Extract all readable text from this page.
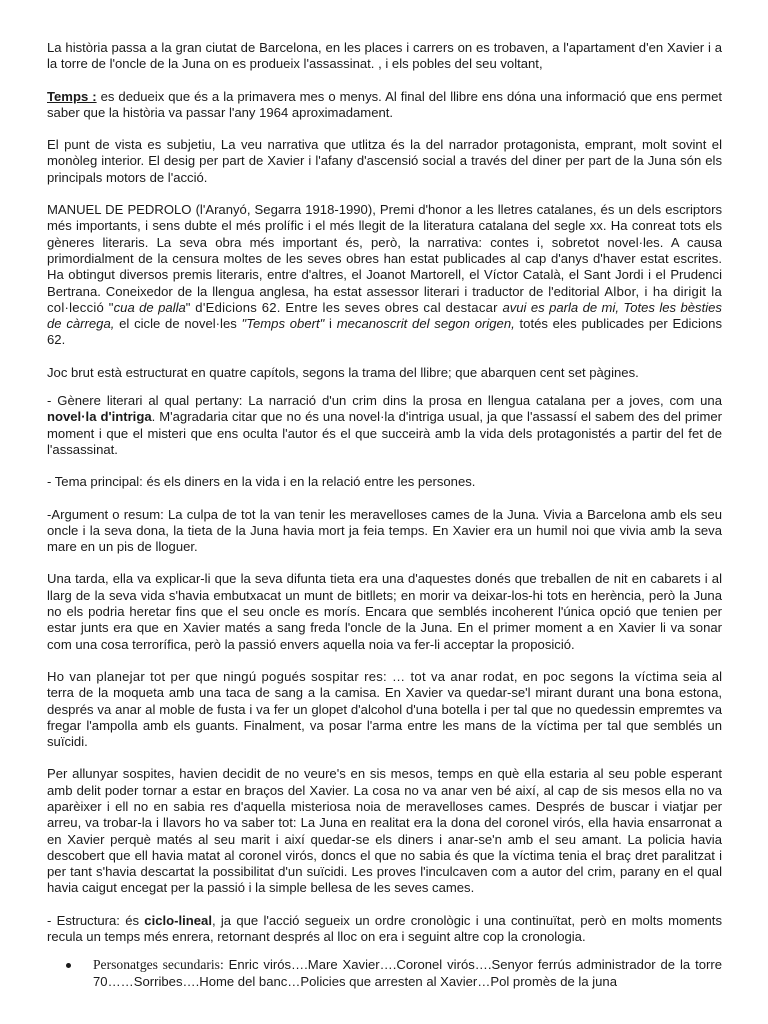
La història passa a la gran ciutat de Barcelona, en les places i carrers on es trobaven, a l'apartament d'en Xavier i a la torre de l'oncle de la Juna on es produeix l'assassinat. , i els pobles del seu voltant,

Temps : es dedueix que és a la primavera mes o menys. Al final del llibre ens dóna una informació que ens permet saber que la història va passar l'any 1964 aproximadament.

El punt de vista es subjetiu, La veu narrativa que utlitza és la del narrador protagonista, emprant, molt sovint el monòleg interior. El desig per part de Xavier i l'afany d'ascensió social a través del diner per part de la Juna són els principals motors de l'acció.

MANUEL DE PEDROLO (l'Aranyó, Segarra 1918-1990), Premi d'honor a les lletres catalanes, és un dels escriptors més importants, i sens dubte el més prolífic i el més llegit de la literatura catalana del segle xx. Ha conreat tots els gèneres literaris. La seva obra més important és, però, la narrativa: contes i, sobretot novel·les. A causa primordialment de la censura moltes de les seves obres han estat publicades al cap d'anys d'haver estat escrites. Ha obtingut diversos premis literaris, entre d'altres, el Joanot Martorell, el Víctor Català, el Sant Jordi i el Prudenci Bertrana. Coneixedor de la llengua anglesa, ha estat assessor literari i traductor de l'editorial Albor, i ha dirigit la col·lecció "cua de palla" d'Edicions 62. Entre les seves obres cal destacar avui es parla de mi, Totes les bèsties de càrrega, el cicle de novel·les "Temps obert" i mecanoscrit del segon origen, totés eles publicades per Edicions 62.

Joc brut està estructurat en quatre capítols, segons la trama del llibre; que abarquen cent set pàgines.

- Gènere literari al qual pertany: La narració d'un crim dins la prosa en llengua catalana per a joves, com una novel·la d'intriga. M'agradaria citar que no és una novel·la d'intriga usual, ja que l'assassí el sabem des del primer moment i que el misteri que ens oculta l'autor és el que succeirà amb la vida dels protagonistés a partir del fet de l'assassinat.

- Tema principal: és els diners en la vida i en la relació entre les persones.

-Argument o resum: La culpa de tot la van tenir les meravelloses cames de la Juna. Vivia a Barcelona amb els seu oncle i la seva dona, la tieta de la Juna havia mort ja feia temps. En Xavier era un humil noi que vivia amb la seva mare en un pis de lloguer.

Una tarda, ella va explicar-li que la seva difunta tieta era una d'aquestes donés que treballen de nit en cabarets i al llarg de la seva vida s'havia embutxacat un munt de bitllets; en morir va deixar-los-hi tots en herència, però la Juna no els podria heretar fins que el seu oncle es morís. Encara que semblés incoherent l'única opció que tenien per estar junts era que en Xavier matés a sang freda l'oncle de la Juna. En el primer moment a en Xavier li va sonar com una cosa terrorífica, però la passió envers aquella noia va fer-li acceptar la proposició.

Ho van planejar tot per que ningú pogués sospitar res: … tot va anar rodat, en poc segons la víctima seia al terra de la moqueta amb una taca de sang a la camisa. En Xavier va quedar-se'l mirant durant una bona estona, després va anar al moble de fusta i va fer un glopet d'alcohol d'una botella i per tal que no quedessin empremtes va fregar l'ampolla amb els guants. Finalment, va posar l'arma entre les mans de la víctima per tal que semblés un suïcidi.

Per allunyar sospites, havien decidit de no veure's en sis mesos, temps en què ella estaria al seu poble esperant amb delit poder tornar a estar en braços del Xavier. La cosa no va anar ven bé així, al cap de sis mesos ella no va aparèixer i ell no en sabia res d'aquella misteriosa noia de meravelloses cames. Després de buscar i viatjar per arreu, va trobar-la i llavors ho va saber tot: La Juna en realitat era la dona del coronel virós, ella havia ensarronat a en Xavier perquè matés al seu marit i així quedar-se els diners i anar-se'n amb el seu amant. La policia havia descobert que ell havia matat al coronel virós, doncs el que no sabia és que la víctima tenia el braç dret paralitzat i per tant s'havia descartat la possibilitat d'un suïcidi. Les proves l'inculcaven com a autor del crim, parany en el qual havia caigut encegat per la passió i la simple bellesa de les seves cames.

- Estructura: és ciclo-lineal, ja que l'acció segueix un ordre cronològic i una continuïtat, però en molts moments recula un temps més enrera, retornant després al lloc on era i seguint altre cop la cronologia.

Personatges secundaris: Enric virós….Mare Xavier….Coronel virós….Senyor ferrús administrador de la torre 70……Sorribes….Home del banc…Policies que arresten al Xavier…Pol promès de la juna
